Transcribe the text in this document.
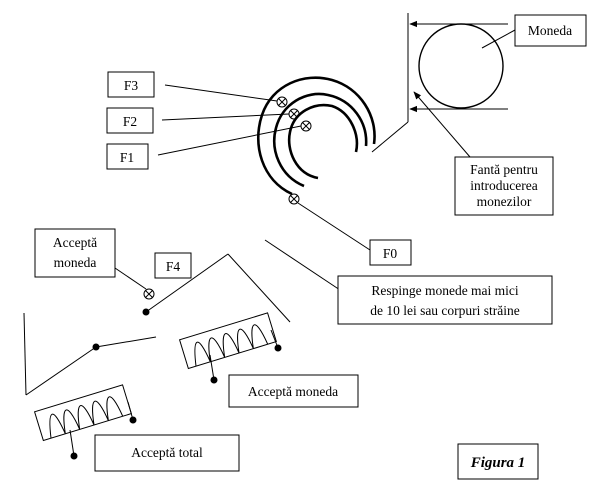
Moneda
Fantă pentru
introducerea
monezilor
F3
F2
F1
F0
Respinge monede mai mici
de 10 lei sau corpuri străine
F4
Acceptă
moneda
Acceptă total
Acceptă moneda
Figura 1
